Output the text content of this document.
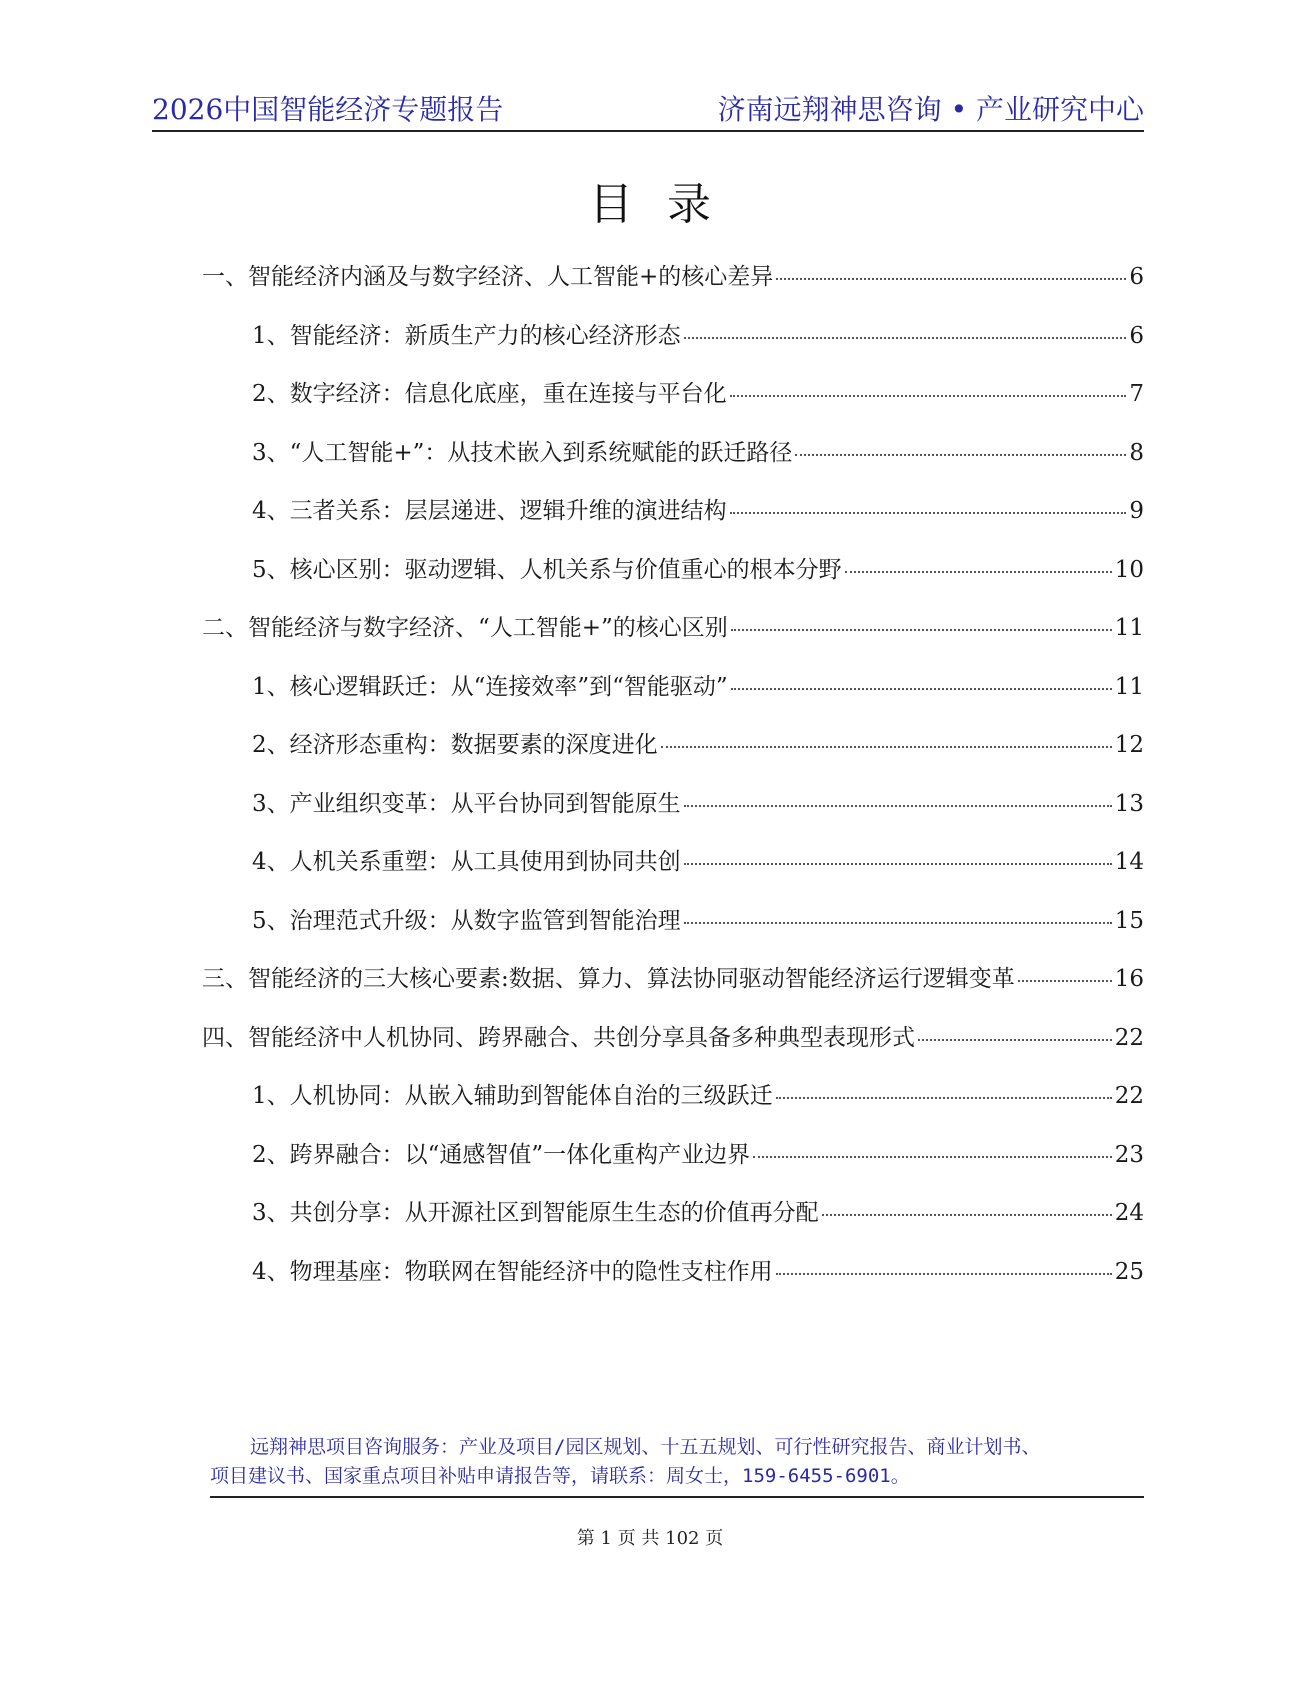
2026中国智能经济专题报告	济南远翔神思咨询 • 产业研究中心
目录
一、智能经济内涵及与数字经济、人工智能+的核心差异	6
1、智能经济：新质生产力的核心经济形态	6
2、数字经济：信息化底座，重在连接与平台化	7
3、“人工智能+”：从技术嵌入到系统赋能的跃迁路径	8
4、三者关系：层层递进、逻辑升维的演进结构	9
5、核心区别：驱动逻辑、人机关系与价值重心的根本分野	10
二、智能经济与数字经济、“人工智能+”的核心区别	11
1、核心逻辑跃迁：从“连接效率”到“智能驱动”	11
2、经济形态重构：数据要素的深度进化	12
3、产业组织变革：从平台协同到智能原生	13
4、人机关系重塑：从工具使用到协同共创	14
5、治理范式升级：从数字监管到智能治理	15
三、智能经济的三大核心要素:数据、算力、算法协同驱动智能经济运行逻辑变革	16
四、智能经济中人机协同、跨界融合、共创分享具备多种典型表现形式	22
1、人机协同：从嵌入辅助到智能体自治的三级跃迁	22
2、跨界融合：以“通感智值”一体化重构产业边界	23
3、共创分享：从开源社区到智能原生生态的价值再分配	24
4、物理基座：物联网在智能经济中的隐性支柱作用	25
远翔神思项目咨询服务：产业及项目/园区规划、十五五规划、可行性研究报告、商业计划书、
项目建议书、国家重点项目补贴申请报告等，请联系：周女士，159-6455-6901。
第 1 页 共 102 页
